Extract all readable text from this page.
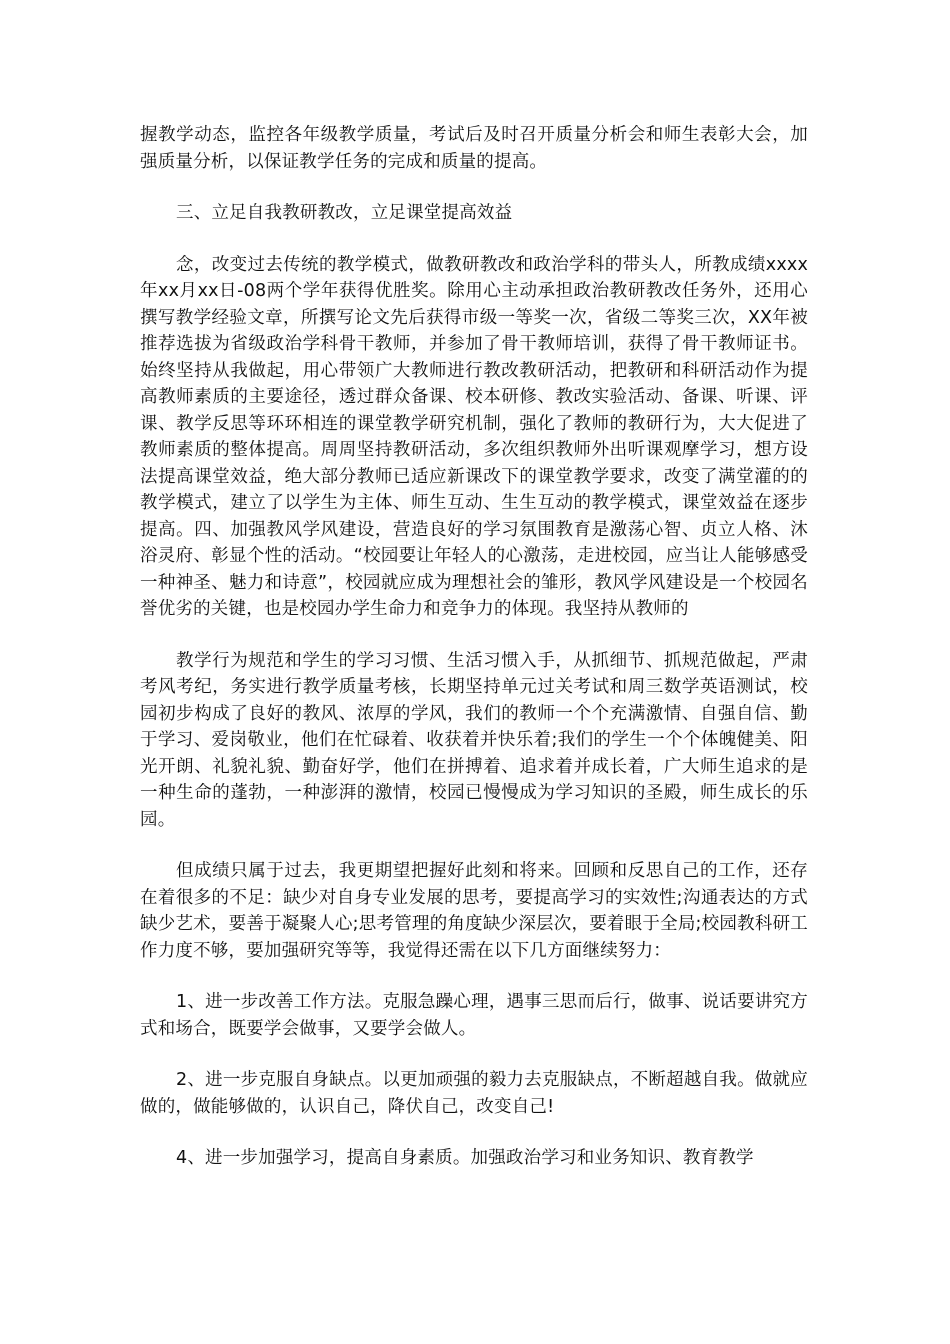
握教学动态，监控各年级教学质量，考试后及时召开质量分析会和师生表彰大会，加强质量分析，以保证教学任务的完成和质量的提高。

三、立足自我教研教改，立足课堂提高效益

念，改变过去传统的教学模式，做教研教改和政治学科的带头人，所教成绩xxxx年xx月xx日-08两个学年获得优胜奖。除用心主动承担政治教研教改任务外，还用心撰写教学经验文章，所撰写论文先后获得市级一等奖一次，省级二等奖三次，XX年被推荐选拔为省级政治学科骨干教师，并参加了骨干教师培训，获得了骨干教师证书。始终坚持从我做起，用心带领广大教师进行教改教研活动，把教研和科研活动作为提高教师素质的主要途径，透过群众备课、校本研修、教改实验活动、备课、听课、评课、教学反思等环环相连的课堂教学研究机制，强化了教师的教研行为，大大促进了教师素质的整体提高。周周坚持教研活动，多次组织教师外出听课观摩学习，想方设法提高课堂效益，绝大部分教师已适应新课改下的课堂教学要求，改变了满堂灌的的教学模式，建立了以学生为主体、师生互动、生生互动的教学模式，课堂效益在逐步提高。四、加强教风学风建设，营造良好的学习氛围教育是激荡心智、贞立人格、沐浴灵府、彰显个性的活动。“校园要让年轻人的心激荡，走进校园，应当让人能够感受一种神圣、魅力和诗意”，校园就应成为理想社会的雏形，教风学风建设是一个校园名誉优劣的关键，也是校园办学生命力和竞争力的体现。我坚持从教师的

教学行为规范和学生的学习习惯、生活习惯入手，从抓细节、抓规范做起，严肃考风考纪，务实进行教学质量考核，长期坚持单元过关考试和周三数学英语测试，校园初步构成了良好的教风、浓厚的学风，我们的教师一个个充满激情、自强自信、勤于学习、爱岗敬业，他们在忙碌着、收获着并快乐着;我们的学生一个个体魄健美、阳光开朗、礼貌礼貌、勤奋好学，他们在拼搏着、追求着并成长着，广大师生追求的是一种生命的蓬勃，一种澎湃的激情，校园已慢慢成为学习知识的圣殿，师生成长的乐园。

但成绩只属于过去，我更期望把握好此刻和将来。回顾和反思自己的工作，还存在着很多的不足：缺少对自身专业发展的思考，要提高学习的实效性;沟通表达的方式缺少艺术，要善于凝聚人心;思考管理的角度缺少深层次，要着眼于全局;校园教科研工作力度不够，要加强研究等等，我觉得还需在以下几方面继续努力：

1、进一步改善工作方法。克服急躁心理，遇事三思而后行，做事、说话要讲究方式和场合，既要学会做事，又要学会做人。

2、进一步克服自身缺点。以更加顽强的毅力去克服缺点，不断超越自我。做就应做的，做能够做的，认识自己，降伏自己，改变自己!

4、进一步加强学习，提高自身素质。加强政治学习和业务知识、教育教学
